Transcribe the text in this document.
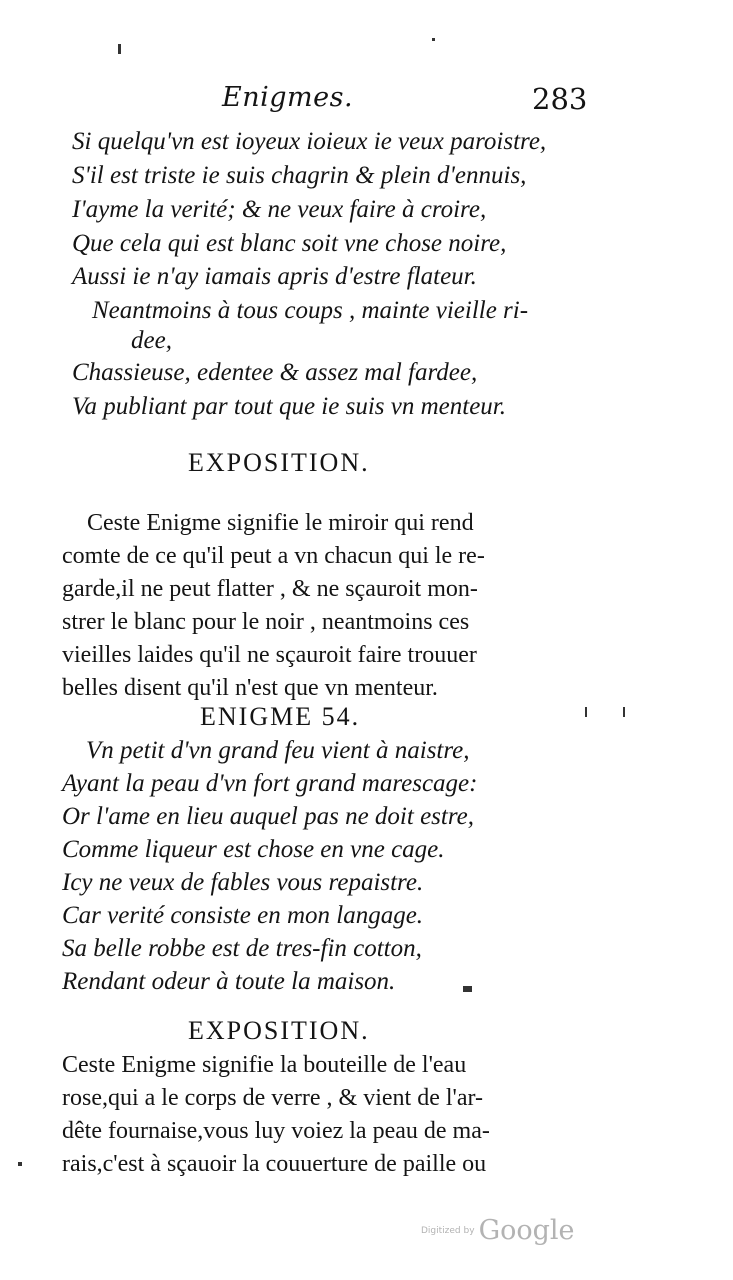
Enigmes.	283

Si quelqu'vn est ioyeux ioieux ie veux paroistre,

S'il est triste ie suis chagrin & plein d'ennuis,

I'ayme la verité; & ne veux faire à croire,

Que cela qui est blanc soit vne chose noire,

Aussi ie n'ay iamais apris d'estre flateur.

Neantmoins à tous coups , mainte vieille ri-

dee,

Chassieuse, edentee & assez mal fardee,

Va publiant par tout que ie suis vn menteur.

EXPOSITION.

Ceste Enigme signifie le miroir qui rend

comte de ce qu'il peut a vn chacun qui le re-

garde,il ne peut flatter , & ne sçauroit mon-

strer le blanc pour le noir , neantmoins ces

vieilles laides qu'il ne sçauroit faire trouuer

belles disent qu'il n'est que vn menteur.

ENIGME 54.

Vn petit d'vn grand feu vient à naistre,

Ayant la peau d'vn fort grand marescage:

Or l'ame en lieu auquel pas ne doit estre,

Comme liqueur est chose en vne cage.

Icy ne veux de fables vous repaistre.

Car verité consiste en mon langage.

Sa belle robbe est de tres-fin cotton,

Rendant odeur à toute la maison.

EXPOSITION.

Ceste Enigme signifie la bouteille de l'eau

rose,qui a le corps de verre , & vient de l'ar-

dête fournaise,vous luy voiez la peau de ma-

rais,c'est à sçauoir la couuerture de paille ou

Digitized by Google
